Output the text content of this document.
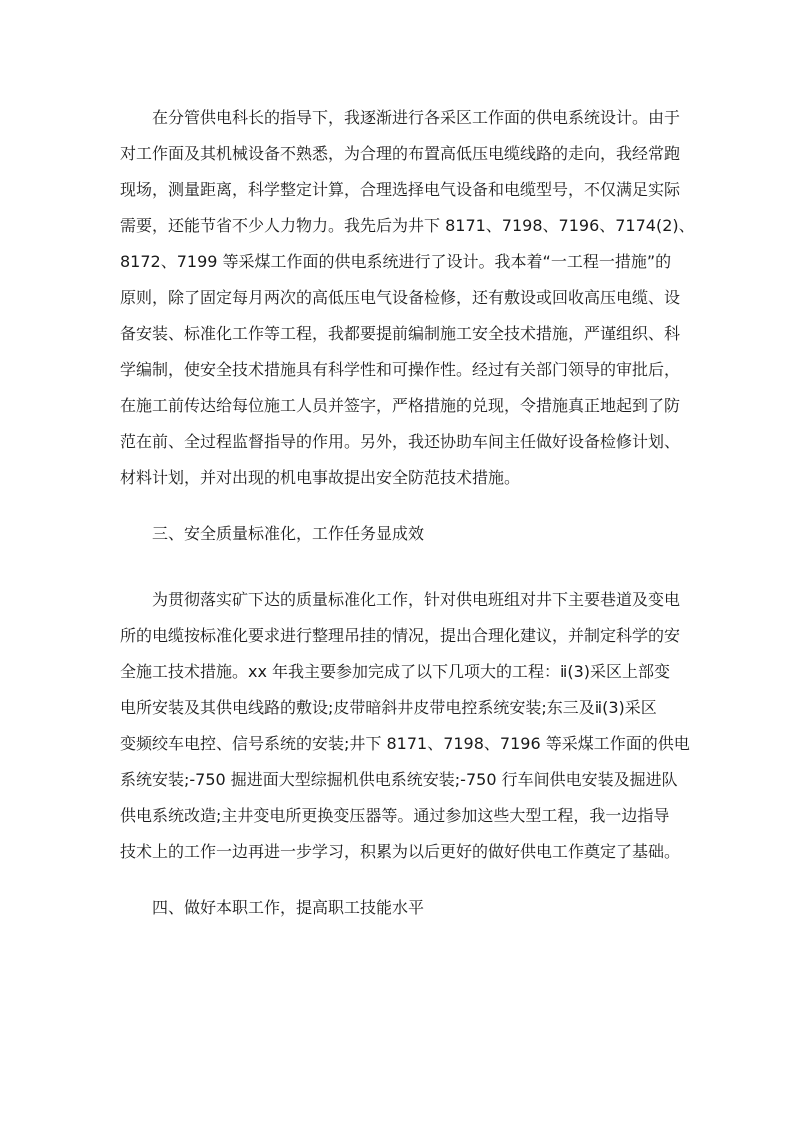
在分管供电科长的指导下，我逐渐进行各采区工作面的供电系统设计。由于
对工作面及其机械设备不熟悉，为合理的布置高低压电缆线路的走向，我经常跑
现场，测量距离，科学整定计算，合理选择电气设备和电缆型号，不仅满足实际
需要，还能节省不少人力物力。我先后为井下 8171、7198、7196、7174(2)、
8172、7199 等采煤工作面的供电系统进行了设计。我本着“一工程一措施”的
原则，除了固定每月两次的高低压电气设备检修，还有敷设或回收高压电缆、设
备安装、标准化工作等工程，我都要提前编制施工安全技术措施，严谨组织、科
学编制，使安全技术措施具有科学性和可操作性。经过有关部门领导的审批后，
在施工前传达给每位施工人员并签字，严格措施的兑现，令措施真正地起到了防
范在前、全过程监督指导的作用。另外，我还协助车间主任做好设备检修计划、
材料计划，并对出现的机电事故提出安全防范技术措施。
三、安全质量标准化，工作任务显成效
为贯彻落实矿下达的质量标准化工作，针对供电班组对井下主要巷道及变电
所的电缆按标准化要求进行整理吊挂的情况，提出合理化建议，并制定科学的安
全施工技术措施。xx 年我主要参加完成了以下几项大的工程：ⅱ(3)采区上部变
电所安装及其供电线路的敷设;皮带暗斜井皮带电控系统安装;东三及ⅱ(3)采区
变频绞车电控、信号系统的安装;井下 8171、7198、7196 等采煤工作面的供电
系统安装;-750 掘进面大型综掘机供电系统安装;-750 行车间供电安装及掘进队
供电系统改造;主井变电所更换变压器等。通过参加这些大型工程，我一边指导
技术上的工作一边再进一步学习，积累为以后更好的做好供电工作奠定了基础。
四、做好本职工作，提高职工技能水平
